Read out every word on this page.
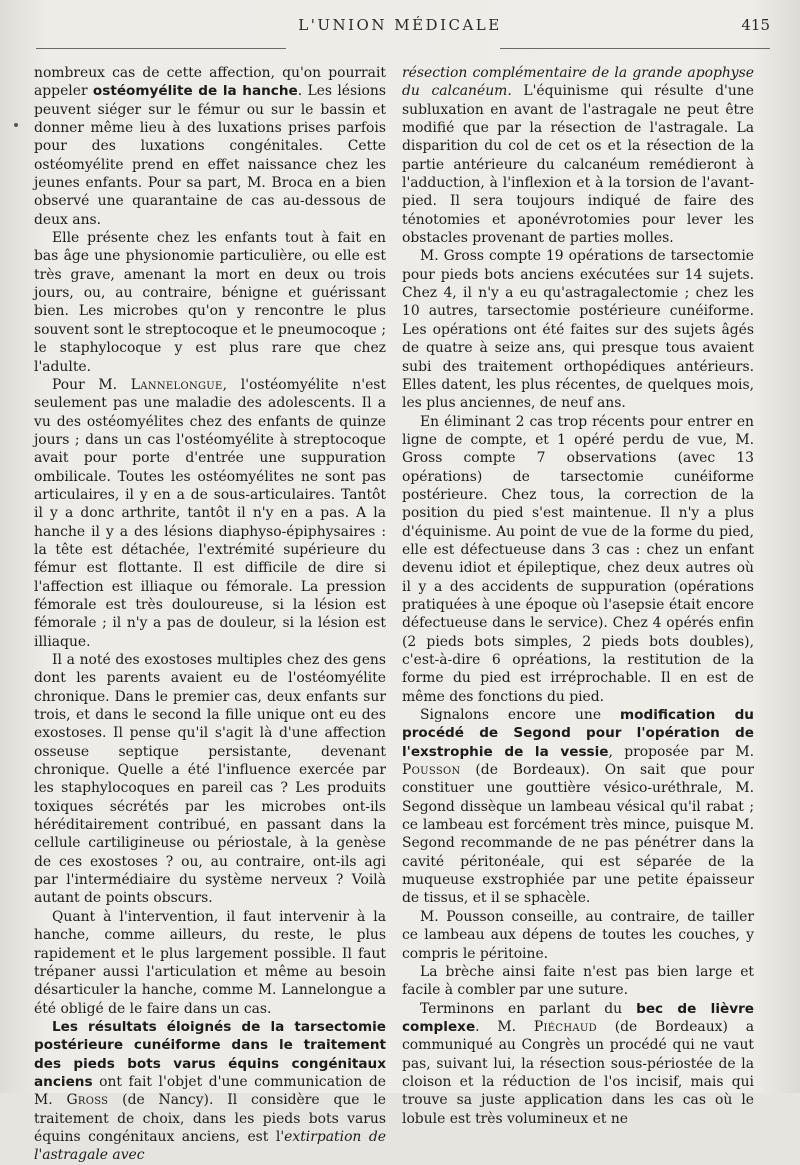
L'UNION MÉDICALE	415

nombreux cas de cette affection, qu'on pourrait appeler ostéomyélite de la hanche. Les lésions peuvent siéger sur le fémur ou sur le bassin et donner même lieu à des luxations prises parfois pour des luxations congénitales. Cette ostéomyélite prend en effet naissance chez les jeunes enfants. Pour sa part, M. Broca en a bien observé une quarantaine de cas au-dessous de deux ans.

Elle présente chez les enfants tout à fait en bas âge une physionomie particulière, ou elle est très grave, amenant la mort en deux ou trois jours, ou, au contraire, bénigne et guérissant bien. Les microbes qu'on y rencontre le plus souvent sont le streptocoque et le pneumocoque ; le staphylocoque y est plus rare que chez l'adulte.

Pour M. Lannelongue, l'ostéomyélite n'est seulement pas une maladie des adolescents. Il a vu des ostéomyélites chez des enfants de quinze jours ; dans un cas l'ostéomyélite à streptocoque avait pour porte d'entrée une suppuration ombilicale. Toutes les ostéomyélites ne sont pas articulaires, il y en a de sous-articulaires. Tantôt il y a donc arthrite, tantôt il n'y en a pas. A la hanche il y a des lésions diaphyso-épiphysaires : la tête est détachée, l'extrémité supérieure du fémur est flottante. Il est difficile de dire si l'affection est illiaque ou fémorale. La pression fémorale est très douloureuse, si la lésion est fémorale ; il n'y a pas de douleur, si la lésion est illiaque.

Il a noté des exostoses multiples chez des gens dont les parents avaient eu de l'ostéomyélite chronique. Dans le premier cas, deux enfants sur trois, et dans le second la fille unique ont eu des exostoses. Il pense qu'il s'agit là d'une affection osseuse septique persistante, devenant chronique. Quelle a été l'influence exercée par les staphylocoques en pareil cas ? Les produits toxiques sécrétés par les microbes ont-ils héréditairement contribué, en passant dans la cellule cartiligineuse ou périostale, à la genèse de ces exostoses ? ou, au contraire, ont-ils agi par l'intermédiaire du système nerveux ? Voilà autant de points obscurs.

Quant à l'intervention, il faut intervenir à la hanche, comme ailleurs, du reste, le plus rapidement et le plus largement possible. Il faut trépaner aussi l'articulation et même au besoin désarticuler la hanche, comme M. Lannelongue a été obligé de le faire dans un cas.

Les résultats éloignés de la tarsectomie postérieure cunéiforme dans le traitement des pieds bots varus équins congénitaux anciens ont fait l'objet d'une communication de M. Gross (de Nancy). Il considère que le traitement de choix, dans les pieds bots varus équins congénitaux anciens, est l'extirpation de l'astragale avec

résection complémentaire de la grande apophyse du calcanéum. L'équinisme qui résulte d'une subluxation en avant de l'astragale ne peut être modifié que par la résection de l'astragale. La disparition du col de cet os et la résection de la partie antérieure du calcanéum remédieront à l'adduction, à l'inflexion et à la torsion de l'avant-pied. Il sera toujours indiqué de faire des ténotomies et aponévrotomies pour lever les obstacles provenant de parties molles.

M. Gross compte 19 opérations de tarsectomie pour pieds bots anciens exécutées sur 14 sujets. Chez 4, il n'y a eu qu'astragalectomie ; chez les 10 autres, tarsectomie postérieure cunéiforme. Les opérations ont été faites sur des sujets âgés de quatre à seize ans, qui presque tous avaient subi des traitement orthopédiques antérieurs. Elles datent, les plus récentes, de quelques mois, les plus anciennes, de neuf ans.

En éliminant 2 cas trop récents pour entrer en ligne de compte, et 1 opéré perdu de vue, M. Gross compte 7 observations (avec 13 opérations) de tarsectomie cunéiforme postérieure. Chez tous, la correction de la position du pied s'est maintenue. Il n'y a plus d'équinisme. Au point de vue de la forme du pied, elle est défectueuse dans 3 cas : chez un enfant devenu idiot et épileptique, chez deux autres où il y a des accidents de suppuration (opérations pratiquées à une époque où l'asepsie était encore défectueuse dans le service). Chez 4 opérés enfin (2 pieds bots simples, 2 pieds bots doubles), c'est-à-dire 6 opréations, la restitution de la forme du pied est irréprochable. Il en est de même des fonctions du pied.

Signalons encore une modification du procédé de Segond pour l'opération de l'exstrophie de la vessie, proposée par M. Pousson (de Bordeaux). On sait que pour constituer une gouttière vésico-uréthrale, M. Segond dissèque un lambeau vésical qu'il rabat ; ce lambeau est forcément très mince, puisque M. Segond recommande de ne pas pénétrer dans la cavité péritonéale, qui est séparée de la muqueuse exstrophiée par une petite épaisseur de tissus, et il se sphacèle.

M. Pousson conseille, au contraire, de tailler ce lambeau aux dépens de toutes les couches, y compris le péritoine.

La brèche ainsi faite n'est pas bien large et facile à combler par une suture.

Terminons en parlant du bec de lièvre complexe. M. Piéchaud (de Bordeaux) a communiqué au Congrès un procédé qui ne vaut pas, suivant lui, la résection sous-périostée de la cloison et la réduction de l'os incisif, mais qui trouve sa juste application dans les cas où le lobule est très volumineux et ne
